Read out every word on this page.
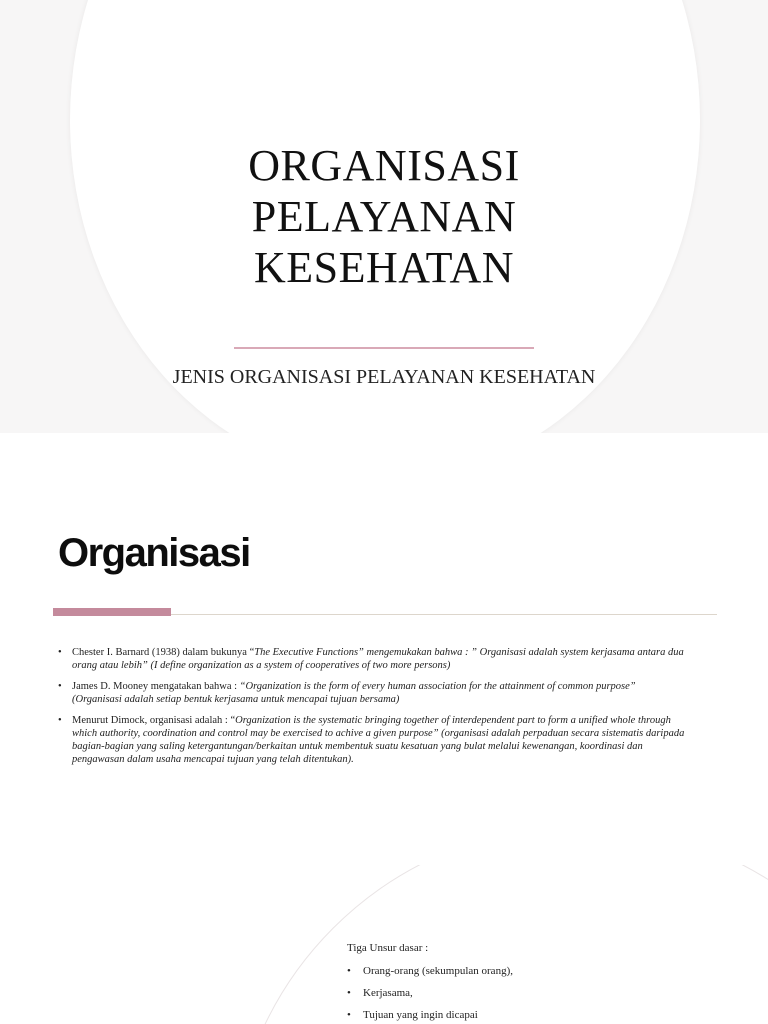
ORGANISASI
PELAYANAN
KESEHATAN
JENIS ORGANISASI PELAYANAN KESEHATAN
Organisasi
• Chester I. Barnard (1938) dalam bukunya “The Executive Functions” mengemukakan bahwa : ” Organisasi adalah system kerjasama antara dua orang atau lebih” (I define organization as a system of cooperatives of two more persons)
• James D. Mooney mengatakan bahwa : “Organization is the form of every human association for the attainment of common purpose” (Organisasi adalah setiap bentuk kerjasama untuk mencapai tujuan bersama)
• Menurut Dimock, organisasi adalah : “Organization is the systematic bringing together of interdependent part to form a unified whole through which authority, coordination and control may be exercised to achive a given purpose” (organisasi adalah perpaduan secara sistematis daripada bagian-bagian yang saling ketergantungan/berkaitan untuk membentuk suatu kesatuan yang bulat melalui kewenangan, koordinasi dan pengawasan dalam usaha mencapai tujuan yang telah ditentukan).
Tiga Unsur dasar :
• Orang-orang (sekumpulan orang),
• Kerjasama,
• Tujuan yang ingin dicapai
